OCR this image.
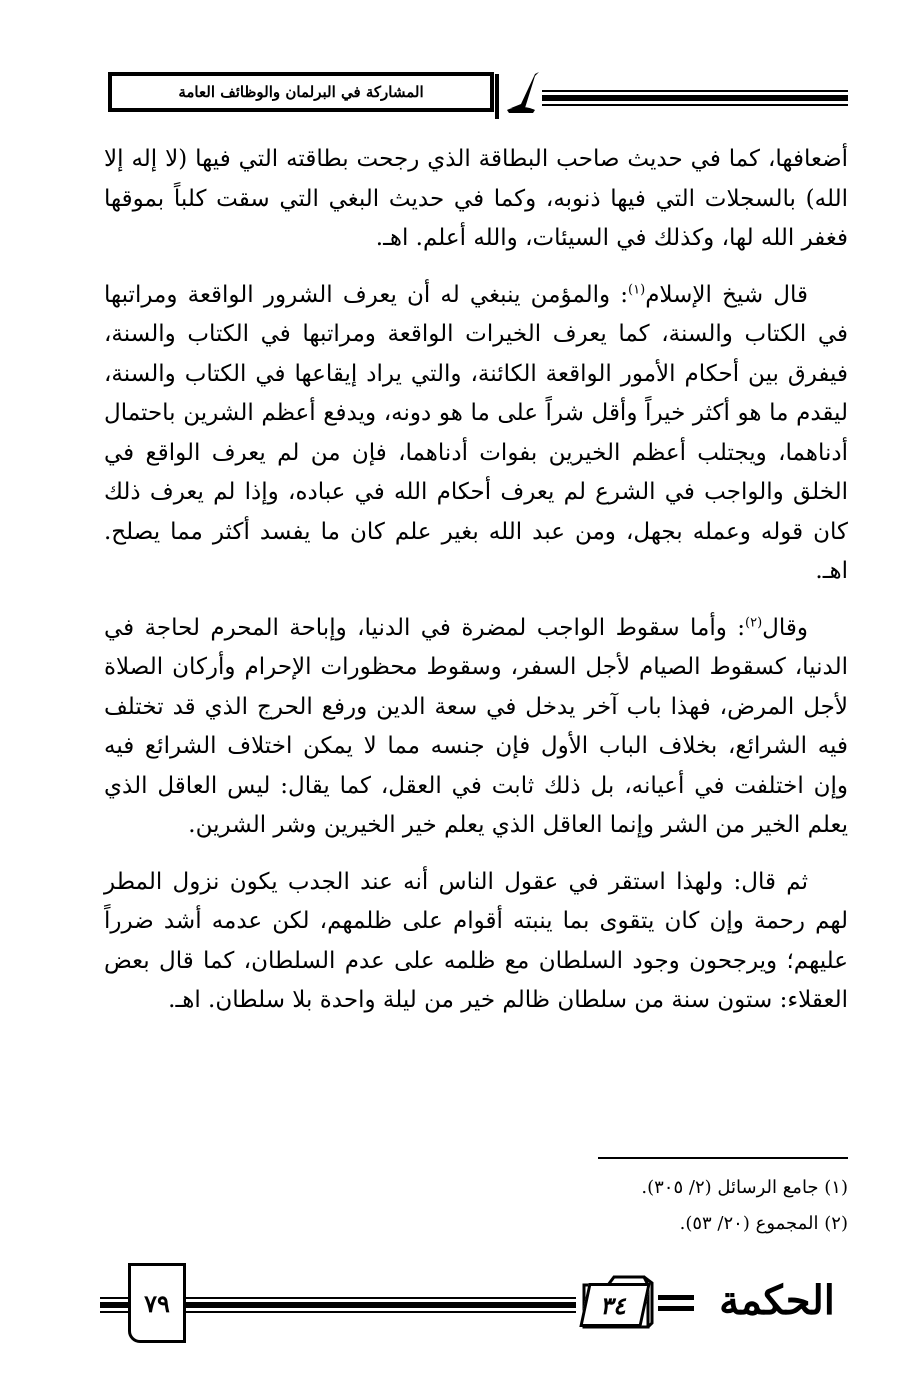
المشاركة في البرلمان والوظائف العامة

أضعافها، كما في حديث صاحب البطاقة الذي رجحت بطاقته التي فيها (لا إله إلا الله) بالسجلات التي فيها ذنوبه، وكما في حديث البغي التي سقت كلباً بموقها فغفر الله لها، وكذلك في السيئات، والله أعلم. اهـ.

قال شيخ الإسلام$^{(١)}$: والمؤمن ينبغي له أن يعرف الشرور الواقعة ومراتبها في الكتاب والسنة، كما يعرف الخيرات الواقعة ومراتبها في الكتاب والسنة، فيفرق بين أحكام الأمور الواقعة الكائنة، والتي يراد إيقاعها في الكتاب والسنة، ليقدم ما هو أكثر خيراً وأقل شراً على ما هو دونه، ويدفع أعظم الشرين باحتمال أدناهما، ويجتلب أعظم الخيرين بفوات أدناهما، فإن من لم يعرف الواقع في الخلق والواجب في الشرع لم يعرف أحكام الله في عباده، وإذا لم يعرف ذلك كان قوله وعمله بجهل، ومن عبد الله بغير علم كان ما يفسد أكثر مما يصلح. اهـ.

وقال$^{(٢)}$: وأما سقوط الواجب لمضرة في الدنيا، وإباحة المحرم لحاجة في الدنيا، كسقوط الصيام لأجل السفر، وسقوط محظورات الإحرام وأركان الصلاة لأجل المرض، فهذا باب آخر يدخل في سعة الدين ورفع الحرج الذي قد تختلف فيه الشرائع، بخلاف الباب الأول فإن جنسه مما لا يمكن اختلاف الشرائع فيه وإن اختلفت في أعيانه، بل ذلك ثابت في العقل، كما يقال: ليس العاقل الذي يعلم الخير من الشر وإنما العاقل الذي يعلم خير الخيرين وشر الشرين.

ثم قال: ولهذا استقر في عقول الناس أنه عند الجدب يكون نزول المطر لهم رحمة وإن كان يتقوى بما ينبته أقوام على ظلمهم، لكن عدمه أشد ضرراً عليهم؛ ويرجحون وجود السلطان مع ظلمه على عدم السلطان، كما قال بعض العقلاء: ستون سنة من سلطان ظالم خير من ليلة واحدة بلا سلطان. اهـ.

(١) جامع الرسائل (٢/ ٣٠٥).
(٢) المجموع (٢٠/ ٥٣).
٧٩	٣٤	الحكمة
